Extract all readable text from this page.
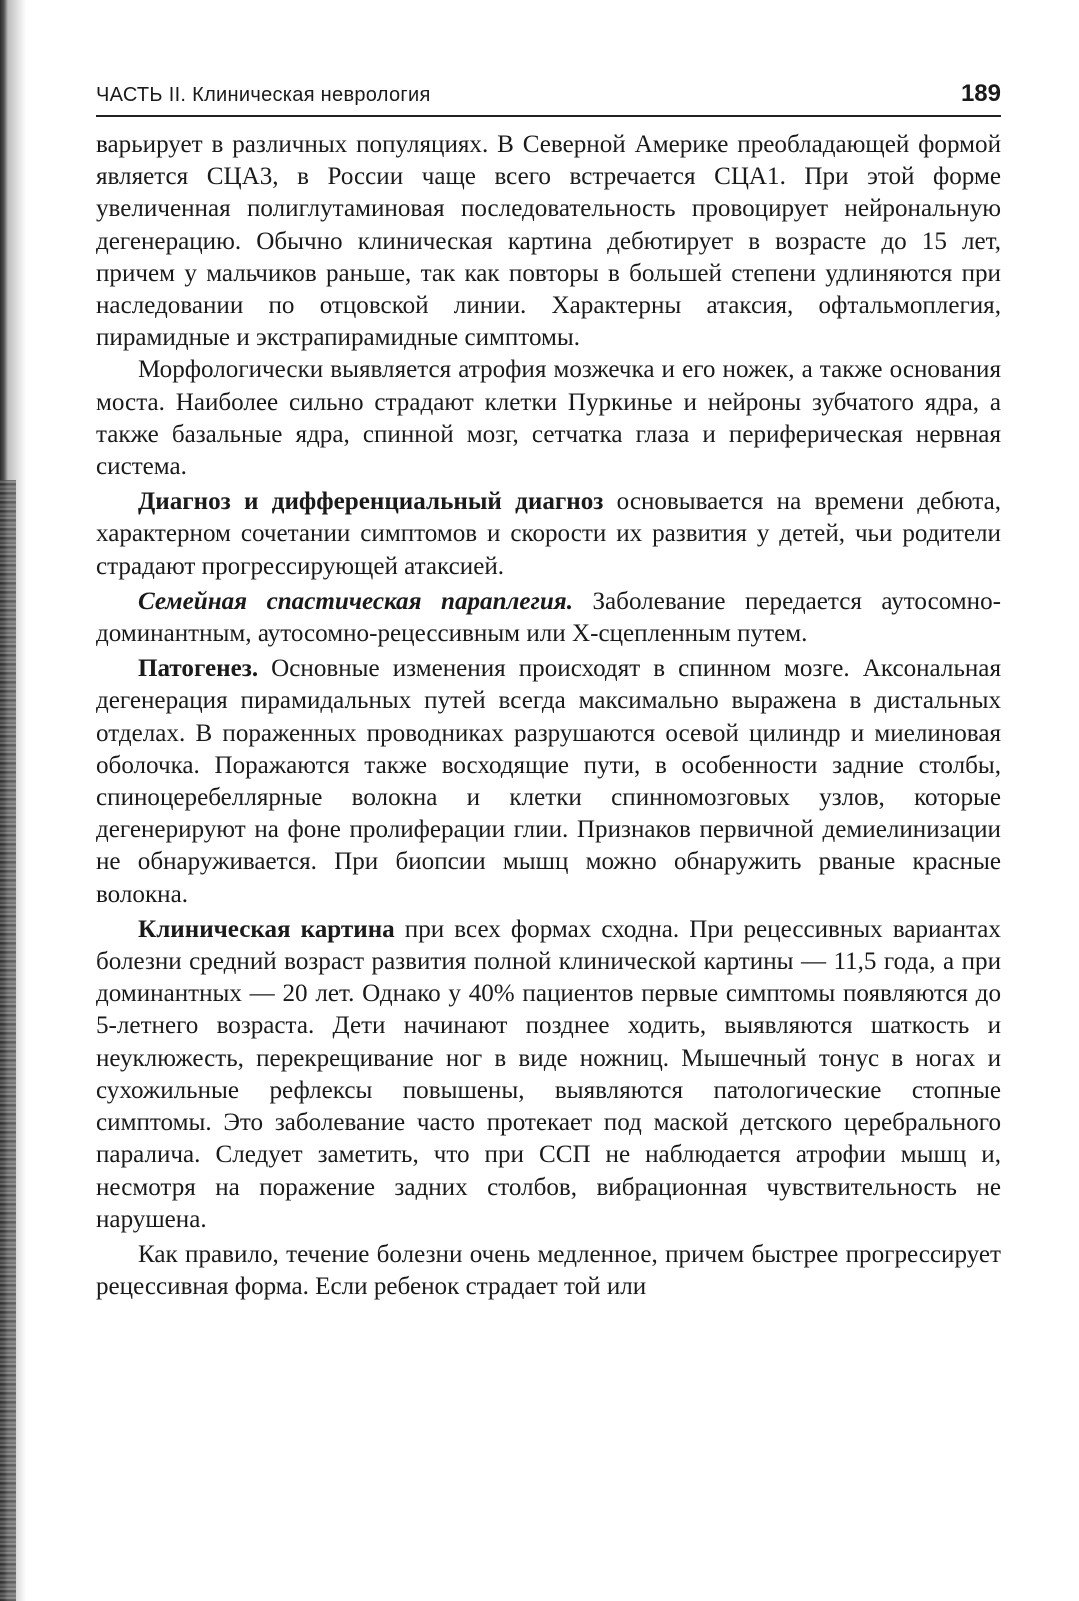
ЧАСТЬ II. Клиническая неврология	189

варьирует в различных популяциях. В Северной Америке преобладающей формой является СЦА3, в России чаще всего встречается СЦА1. При этой форме увеличенная полиглутаминовая последовательность провоцирует нейрональную дегенерацию. Обычно клиническая картина дебютирует в возрасте до 15 лет, причем у мальчиков раньше, так как повторы в большей степени удлиняются при наследовании по отцовской линии. Характерны атаксия, офтальмоплегия, пирамидные и экстрапирамидные симптомы.

Морфологически выявляется атрофия мозжечка и его ножек, а также основания моста. Наиболее сильно страдают клетки Пуркинье и нейроны зубчатого ядра, а также базальные ядра, спинной мозг, сетчатка глаза и периферическая нервная система.

Диагноз и дифференциальный диагноз основывается на времени дебюта, характерном сочетании симптомов и скорости их развития у детей, чьи родители страдают прогрессирующей атаксией.

Семейная спастическая параплегия. Заболевание передается аутосомно-доминантным, аутосомно-рецессивным или Х-сцепленным путем.

Патогенез. Основные изменения происходят в спинном мозге. Аксональная дегенерация пирамидальных путей всегда максимально выражена в дистальных отделах. В пораженных проводниках разрушаются осевой цилиндр и миелиновая оболочка. Поражаются также восходящие пути, в особенности задние столбы, спиноцеребеллярные волокна и клетки спинномозговых узлов, которые дегенерируют на фоне пролиферации глии. Признаков первичной демиелинизации не обнаруживается. При биопсии мышц можно обнаружить рваные красные волокна.

Клиническая картина при всех формах сходна. При рецессивных вариантах болезни средний возраст развития полной клинической картины — 11,5 года, а при доминантных — 20 лет. Однако у 40% пациентов первые симптомы появляются до 5-летнего возраста. Дети начинают позднее ходить, выявляются шаткость и неуклюжесть, перекрещивание ног в виде ножниц. Мышечный тонус в ногах и сухожильные рефлексы повышены, выявляются патологические стопные симптомы. Это заболевание часто протекает под маской детского церебрального паралича. Следует заметить, что при ССП не наблюдается атрофии мышц и, несмотря на поражение задних столбов, вибрационная чувствительность не нарушена.

Как правило, течение болезни очень медленное, причем быстрее прогрессирует рецессивная форма. Если ребенок страдает той или
